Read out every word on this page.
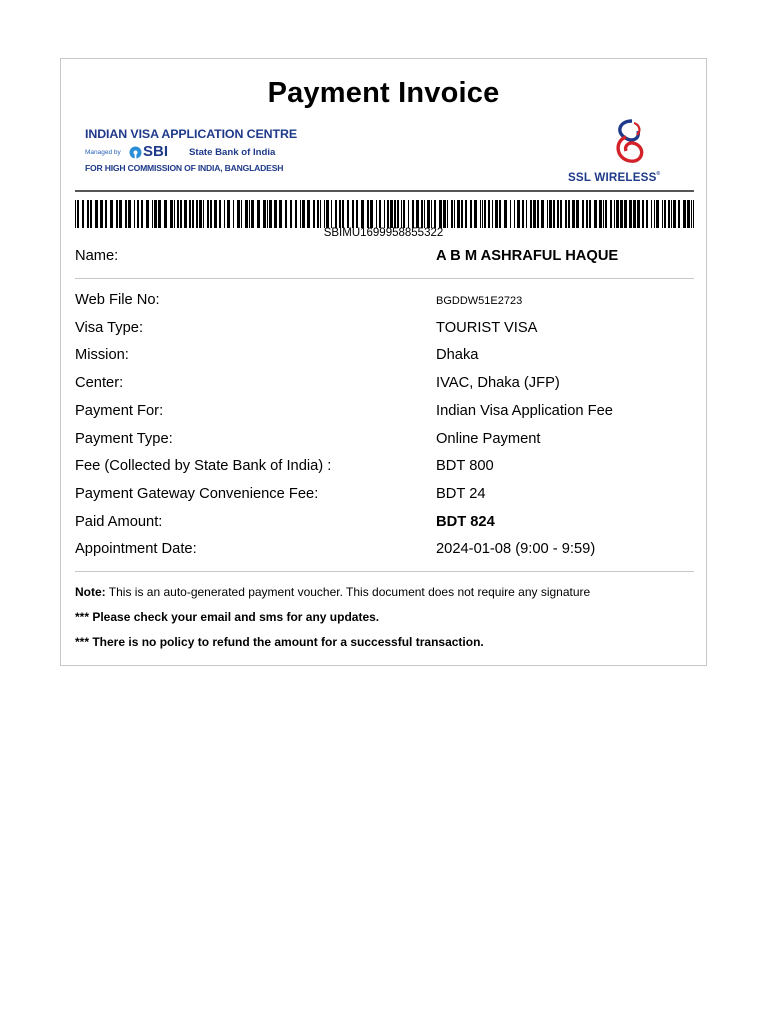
Payment Invoice
INDIAN VISA APPLICATION CENTRE
Managed by SBI State Bank of India
FOR HIGH COMMISSION OF INDIA, BANGLADESH
SSL WIRELESS®
SBIMU1699958855322
Name:	A B M ASHRAFUL HAQUE
Web File No:	BGDDW51E2723
Visa Type:	TOURIST VISA
Mission:	Dhaka
Center:	IVAC, Dhaka (JFP)
Payment For:	Indian Visa Application Fee
Payment Type:	Online Payment
Fee (Collected by State Bank of India) :	BDT 800
Payment Gateway Convenience Fee:	BDT 24
Paid Amount:	BDT 824
Appointment Date:	2024-01-08 (9:00 - 9:59)
Note: This is an auto-generated payment voucher. This document does not require any signature
*** Please check your email and sms for any updates.
*** There is no policy to refund the amount for a successful transaction.
